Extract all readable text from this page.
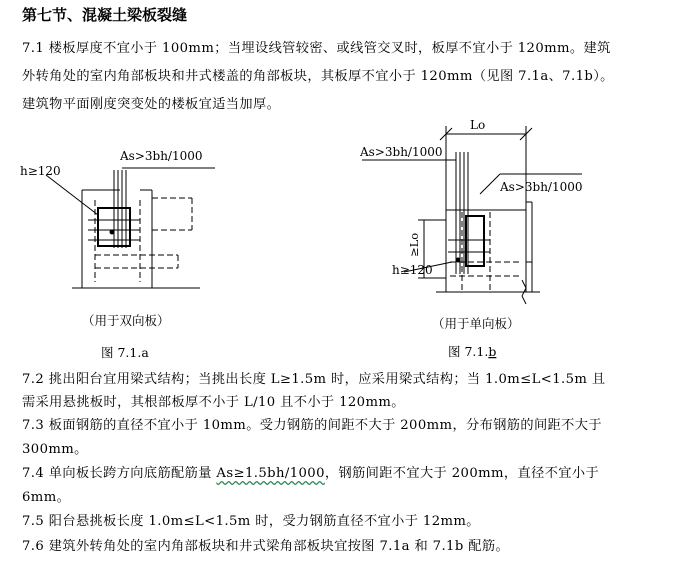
第七节、混凝土梁板裂缝
7.1 楼板厚度不宜小于 100mm；当埋设线管较密、或线管交叉时，板厚不宜小于 120mm。建筑
外转角处的室内角部板块和井式楼盖的角部板块，其板厚不宜小于 120mm（见图 7.1a、7.1b）。
建筑物平面刚度突变处的楼板宜适当加厚。
h≥120
As>3bh/1000
（用于双向板）
图 7.1.a
Lo
As>3bh/1000
As>3bh/1000
≥Lo
h≥120
（用于单向板）
图 7.1.b
7.2 挑出阳台宜用梁式结构；当挑出长度 L≥1.5m 时，应采用梁式结构；当 1.0m≤L<1.5m 且
需采用悬挑板时，其根部板厚不小于 L/10 且不小于 120mm。
7.3 板面钢筋的直径不宜小于 10mm。受力钢筋的间距不大于 200mm，分布钢筋的间距不大于
300mm。
7.4 单向板长跨方向底筋配筋量 As≥1.5bh/1000，钢筋间距不宜大于 200mm，直径不宜小于
6mm。
7.5 阳台悬挑板长度 1.0m≤L<1.5m 时，受力钢筋直径不宜小于 12mm。
7.6 建筑外转角处的室内角部板块和井式梁角部板块宜按图 7.1a 和 7.1b 配筋。
